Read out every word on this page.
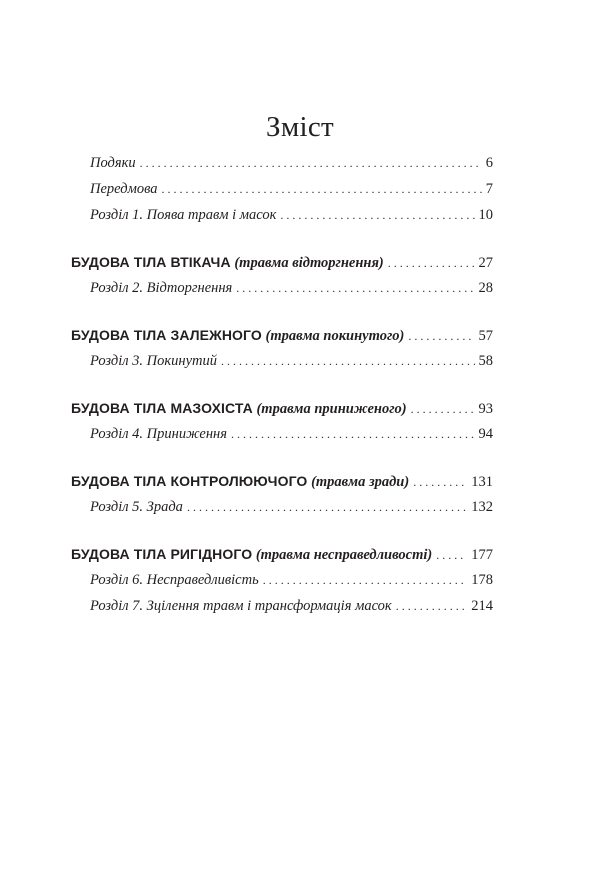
Зміст
Подяки . . .	6
Передмова . . .	7
Розділ 1. Поява травм і масок . . .	10
БУДОВА ТІЛА ВТІКАЧА (травма відторгнення) . . .	27
Розділ 2. Відторгнення . . .	28
БУДОВА ТІЛА ЗАЛЕЖНОГО (травма покинутого) . . .	57
Розділ 3. Покинутий . . .	58
БУДОВА ТІЛА МАЗОХІСТА (травма приниженого) . . .	93
Розділ 4. Приниження . . .	94
БУДОВА ТІЛА КОНТРОЛЮЮЧОГО (травма зради) . . .	131
Розділ 5. Зрада . . .	132
БУДОВА ТІЛА РИГІДНОГО (травма несправедливості) . . .	177
Розділ 6. Несправедливість . . .	178
Розділ 7. Зцілення травм і трансформація масок . . .	214
